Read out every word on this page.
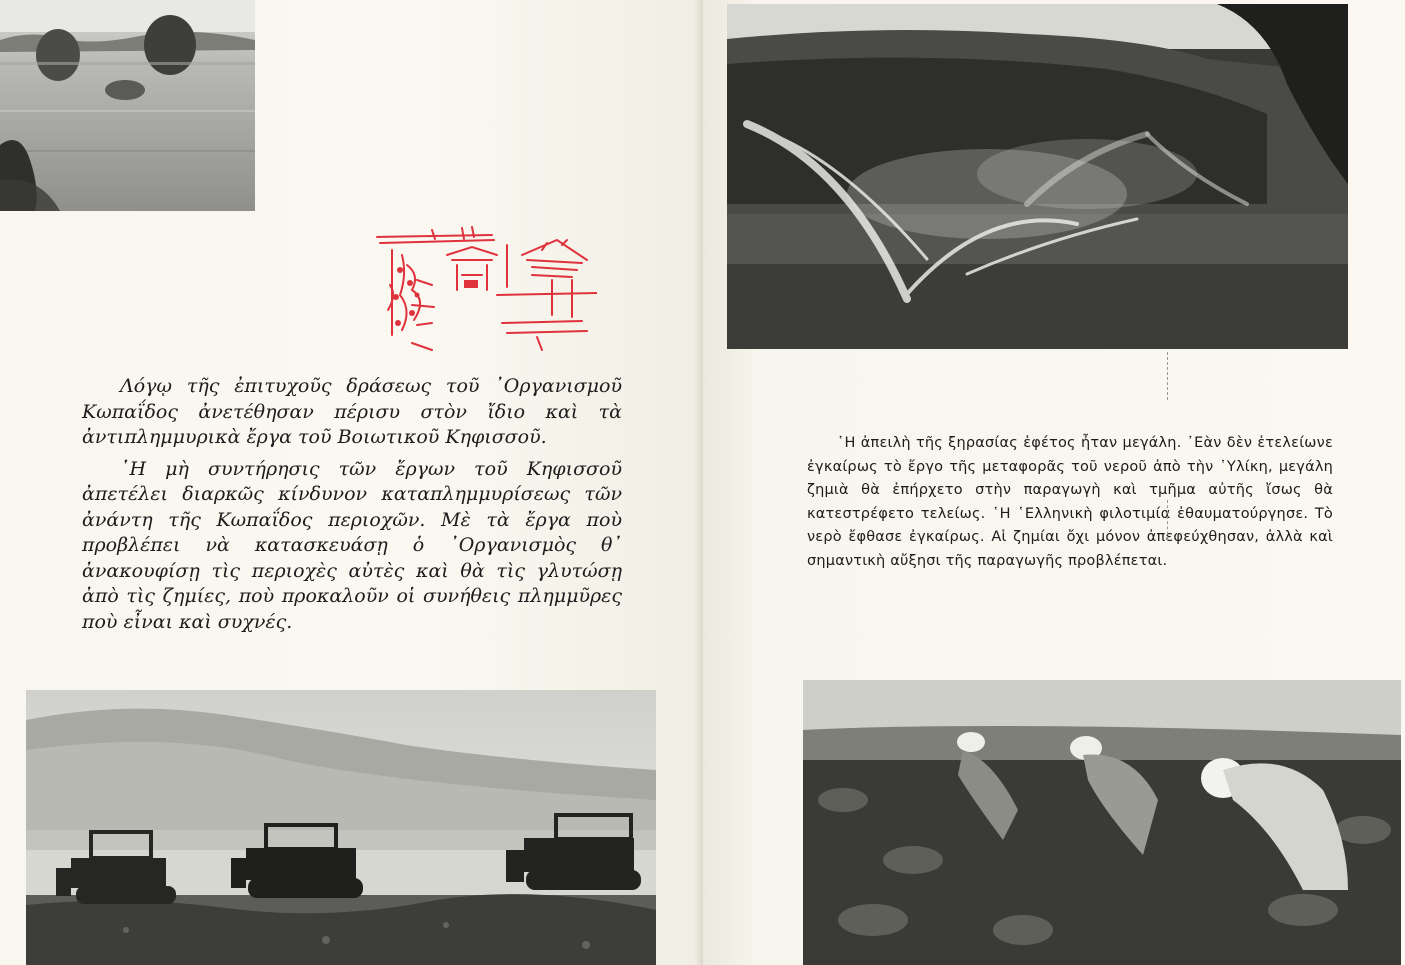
Λόγῳ τῆς ἐπιτυχοῦς δράσεως τοῦ ᾿Οργανισμοῦ Κωπαΐδος ἀνετέθησαν πέρισυ στὸν ἴδιο καὶ τὰ ἀντιπλημμυρικὰ ἔργα τοῦ Βοιωτικοῦ Κηφισσοῦ.

῾Η μὴ συντήρησις τῶν ἔργων τοῦ Κηφισσοῦ ἀπετέλει διαρκῶς κίνδυνον καταπλημμυρίσεως τῶν ἀνάντη τῆς Κωπαΐδος περιοχῶν. Μὲ τὰ ἔργα ποὺ προβλέπει νὰ κατασκευάσῃ ὁ ᾿Οργανισμὸς θ᾿ ἀνακουφίσῃ τὶς περιοχὲς αὐτὲς καὶ θὰ τὶς γλυτώσῃ ἀπὸ τὶς ζημίες, ποὺ προκαλοῦν οἱ συνήθεις πλημμῦρες ποὺ εἶναι καὶ συχνές.

῾Η ἀπειλὴ τῆς ξηρασίας ἐφέτος ἦταν μεγάλη. ᾿Εὰν δὲν ἐτελείωνε ἐγκαίρως τὸ ἔργο τῆς μεταφορᾶς τοῦ νεροῦ ἀπὸ τὴν ῾Υλίκη, μεγάλη ζημιὰ θὰ ἐπήρχετο στὴν παραγωγὴ καὶ τμῆμα αὐτῆς ἴσως θὰ κατεστρέφετο τελείως. ῾Η ῾Ελληνικὴ φιλοτιμία ἐθαυματούργησε. Τὸ νερὸ ἔφθασε ἐγκαίρως. Αἱ ζημίαι ὄχι μόνον ἀπεφεύχθησαν, ἀλλὰ καὶ σημαντικὴ αὔξησι τῆς παραγωγῆς προβλέπεται.
